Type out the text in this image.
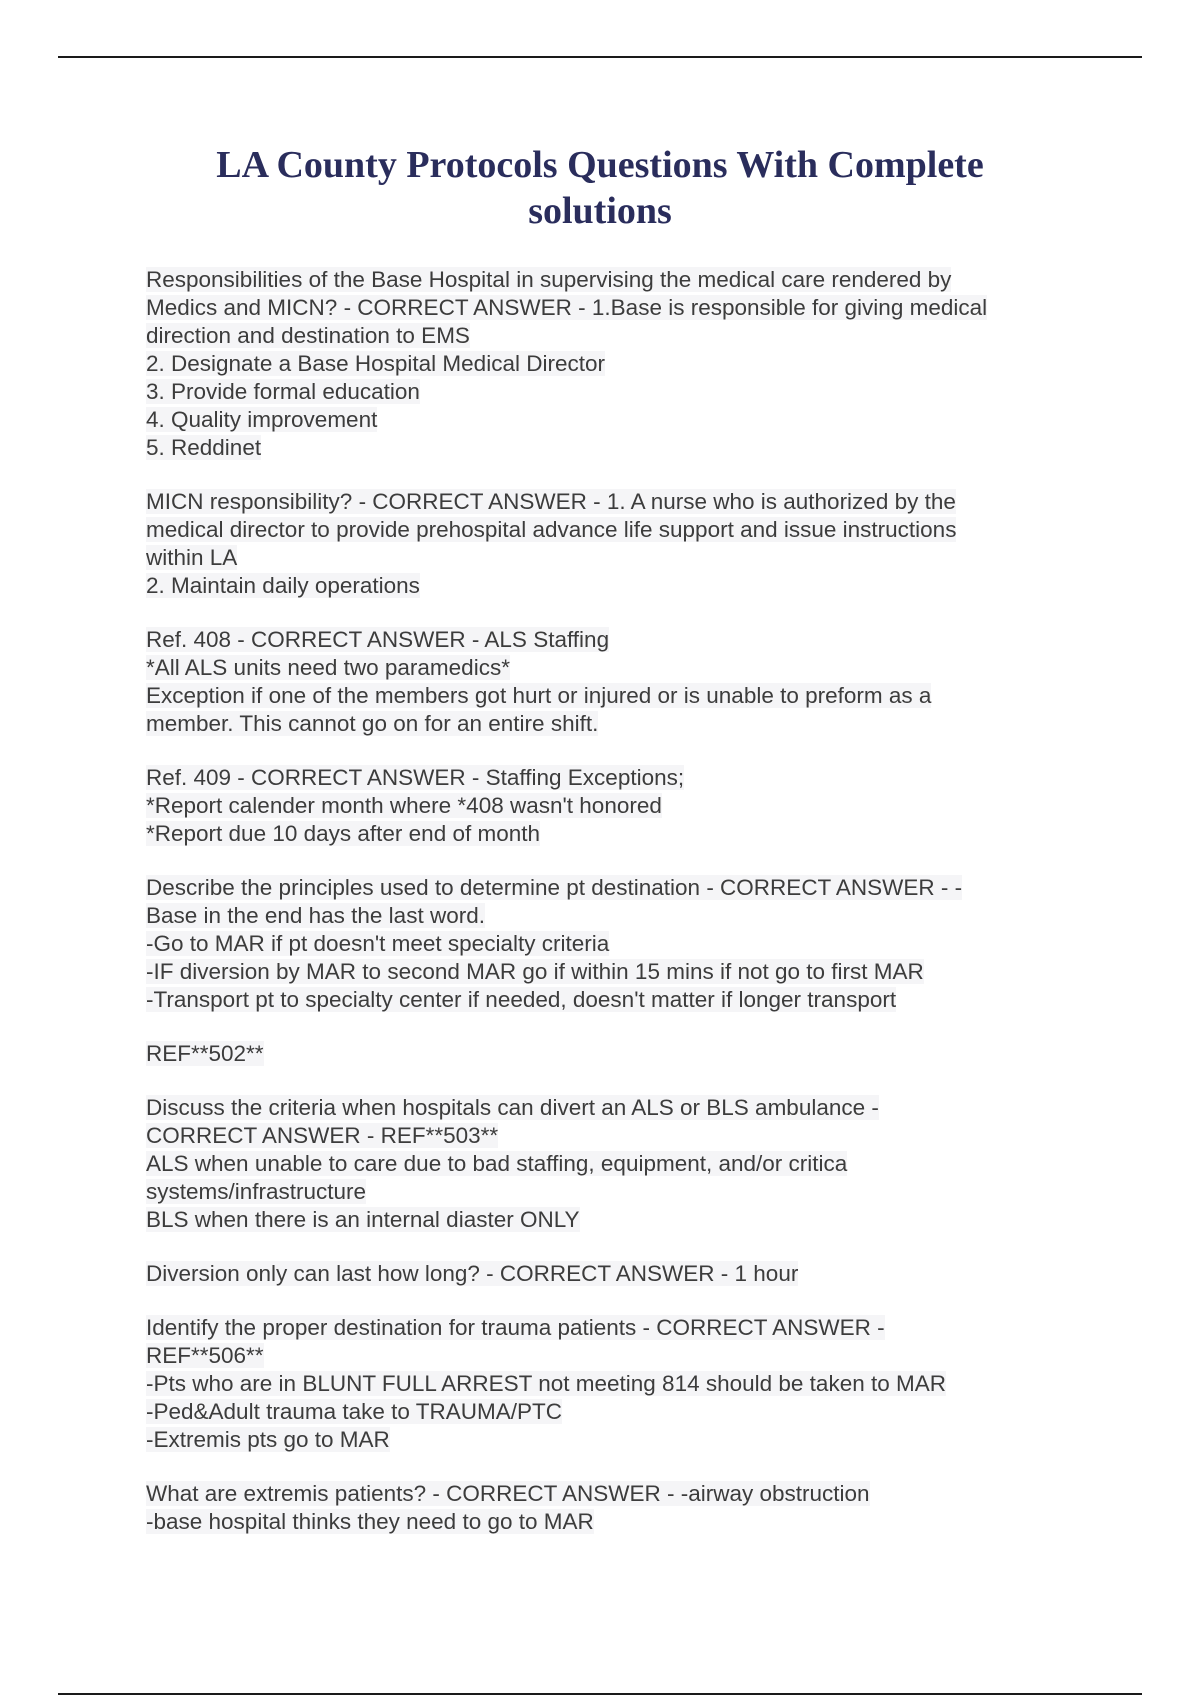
LA County Protocols Questions With Complete
solutions
Responsibilities of the Base Hospital in supervising the medical care rendered by
Medics and MICN? - CORRECT ANSWER - 1.Base is responsible for giving medical
direction and destination to EMS
2. Designate a Base Hospital Medical Director
3. Provide formal education
4. Quality improvement
5. Reddinet
MICN responsibility? - CORRECT ANSWER - 1. A nurse who is authorized by the
medical director to provide prehospital advance life support and issue instructions
within LA
2. Maintain daily operations
Ref. 408 - CORRECT ANSWER - ALS Staffing
*All ALS units need two paramedics*
Exception if one of the members got hurt or injured or is unable to preform as a
member. This cannot go on for an entire shift.
Ref. 409 - CORRECT ANSWER - Staffing Exceptions;
*Report calender month where *408 wasn't honored
*Report due 10 days after end of month
Describe the principles used to determine pt destination - CORRECT ANSWER - -
Base in the end has the last word.
-Go to MAR if pt doesn't meet specialty criteria
-IF diversion by MAR to second MAR go if within 15 mins if not go to first MAR
-Transport pt to specialty center if needed, doesn't matter if longer transport
REF**502**
Discuss the criteria when hospitals can divert an ALS or BLS ambulance -
CORRECT ANSWER - REF**503**
ALS when unable to care due to bad staffing, equipment, and/or critica
systems/infrastructure
BLS when there is an internal diaster ONLY
Diversion only can last how long? - CORRECT ANSWER - 1 hour
Identify the proper destination for trauma patients - CORRECT ANSWER -
REF**506**
-Pts who are in BLUNT FULL ARREST not meeting 814 should be taken to MAR
-Ped&Adult trauma take to TRAUMA/PTC
-Extremis pts go to MAR
What are extremis patients? - CORRECT ANSWER - -airway obstruction
-base hospital thinks they need to go to MAR
